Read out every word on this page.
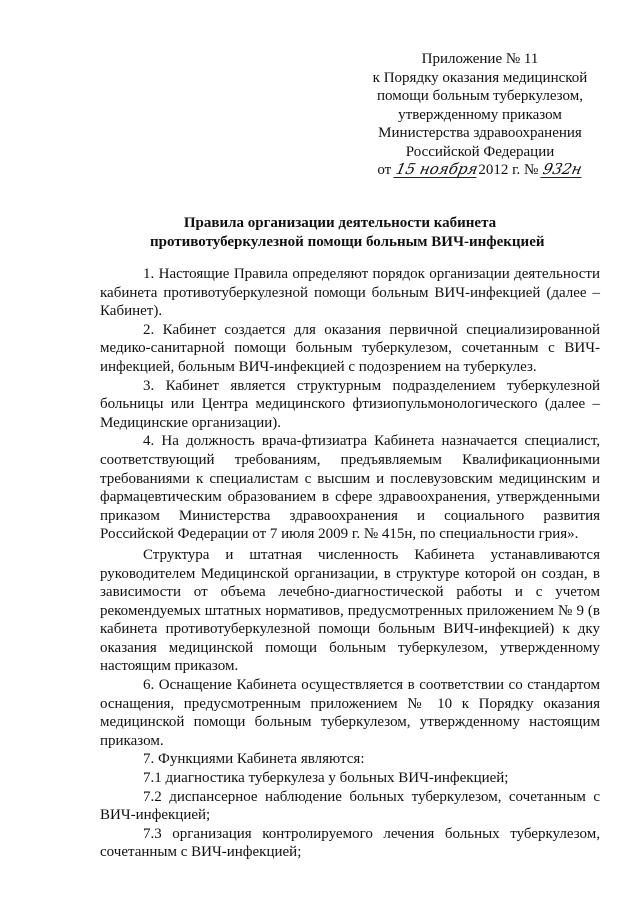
Приложение № 11
к Порядку оказания медицинской
помощи больным туберкулезом,
утвержденному приказом
Министерства здравоохранения
Российской Федерации
от 15 ноября2012 г. № 932н
Правила организации деятельности кабинета
противотуберкулезной помощи больным ВИЧ-инфекцией

1. Настоящие Правила определяют порядок организации деятельности кабинета противотуберкулезной помощи больным ВИЧ-инфекцией (далее – Кабинет).

2. Кабинет создается для оказания первичной специализированной медико-санитарной помощи больным туберкулезом, сочетанным с ВИЧ-инфекцией, больным ВИЧ-инфекцией с подозрением на туберкулез.

3. Кабинет является структурным подразделением туберкулезной больницы или Центра медицинского фтизиопульмонологического (далее – Медицинские организации).

4. На должность врача-фтизиатра Кабинета назначается специалист, соответствующий требованиям, предъявляемым Квалификационными требованиями к специалистам с высшим и послевузовским медицинским и фармацевтическим образованием в сфере здравоохранения, утвержденными приказом Министерства здравоохранения и социального развития Российской Федерации от 7 июля 2009 г. № 415н, по специальности грия».

Структура и штатная численность Кабинета устанавливаются руководителем Медицинской организации, в структуре которой он создан, в зависимости от объема лечебно-диагностической работы и с учетом рекомендуемых штатных нормативов, предусмотренных приложением № 9 (в кабинета противотуберкулезной помощи больным ВИЧ-инфекцией) к дку оказания медицинской помощи больным туберкулезом, утвержденному настоящим приказом.

6. Оснащение Кабинета осуществляется в соответствии со стандартом оснащения, предусмотренным приложением № 10 к Порядку оказания медицинской помощи больным туберкулезом, утвержденному настоящим приказом.

7. Функциями Кабинета являются:

7.1 диагностика туберкулеза у больных ВИЧ-инфекцией;

7.2 диспансерное наблюдение больных туберкулезом, сочетанным с ВИЧ-инфекцией;

7.3 организация контролируемого лечения больных туберкулезом, сочетанным с ВИЧ-инфекцией;
